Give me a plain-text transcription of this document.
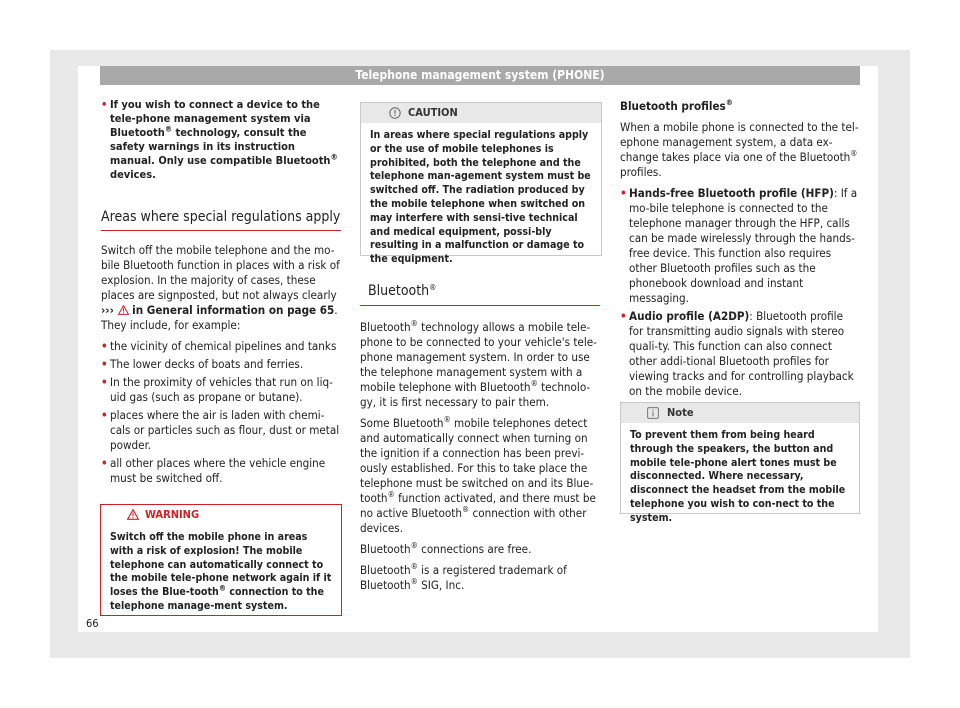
Telephone management system (PHONE)
• If you wish to connect a device to the tele-phone management system via Bluetooth® technology, consult the safety warnings in its instruction manual. Only use compatible Bluetooth® devices.
Areas where special regulations apply

Switch off the mobile telephone and the mo-bile Bluetooth function in places with a risk of explosion. In the majority of cases, these places are signposted, but not always clearly ››› in General information on page 65. They include, for example:

• the vicinity of chemical pipelines and tanks
• The lower decks of boats and ferries.
• In the proximity of vehicles that run on liq-uid gas (such as propane or butane).
• places where the air is laden with chemi-cals or particles such as flour, dust or metal powder.
• all other places where the vehicle engine must be switched off.
WARNING
Switch off the mobile phone in areas with a risk of explosion! The mobile telephone can automatically connect to the mobile tele-phone network again if it loses the Blue-tooth® connection to the telephone manage-ment system.
CAUTION
In areas where special regulations apply or the use of mobile telephones is prohibited, both the telephone and the telephone man-agement system must be switched off. The radiation produced by the mobile telephone when switched on may interfere with sensi-tive technical and medical equipment, possi-bly resulting in a malfunction or damage to the equipment.
Bluetooth®

Bluetooth® technology allows a mobile tele-phone to be connected to your vehicle's tele-phone management system. In order to use the telephone management system with a mobile telephone with Bluetooth® technolo-gy, it is first necessary to pair them.

Some Bluetooth® mobile telephones detect and automatically connect when turning on the ignition if a connection has been previ-ously established. For this to take place the telephone must be switched on and its Blue-tooth® function activated, and there must be no active Bluetooth® connection with other devices.

Bluetooth® connections are free.

Bluetooth® is a registered trademark of Bluetooth® SIG, Inc.

Bluetooth profiles®

When a mobile phone is connected to the tel-ephone management system, a data ex-change takes place via one of the Bluetooth® profiles.

• Hands-free Bluetooth profile (HFP): If a mo-bile telephone is connected to the telephone manager through the HFP, calls can be made wirelessly through the hands-free device. This function also requires other Bluetooth profiles such as the phonebook download and instant messaging.
• Audio profile (A2DP): Bluetooth profile for transmitting audio signals with stereo quali-ty. This function can also connect other addi-tional Bluetooth profiles for viewing tracks and for controlling playback on the mobile device.
Note
To prevent them from being heard through the speakers, the button and mobile tele-phone alert tones must be disconnected. Where necessary, disconnect the headset from the mobile telephone you wish to con-nect to the system.
66
